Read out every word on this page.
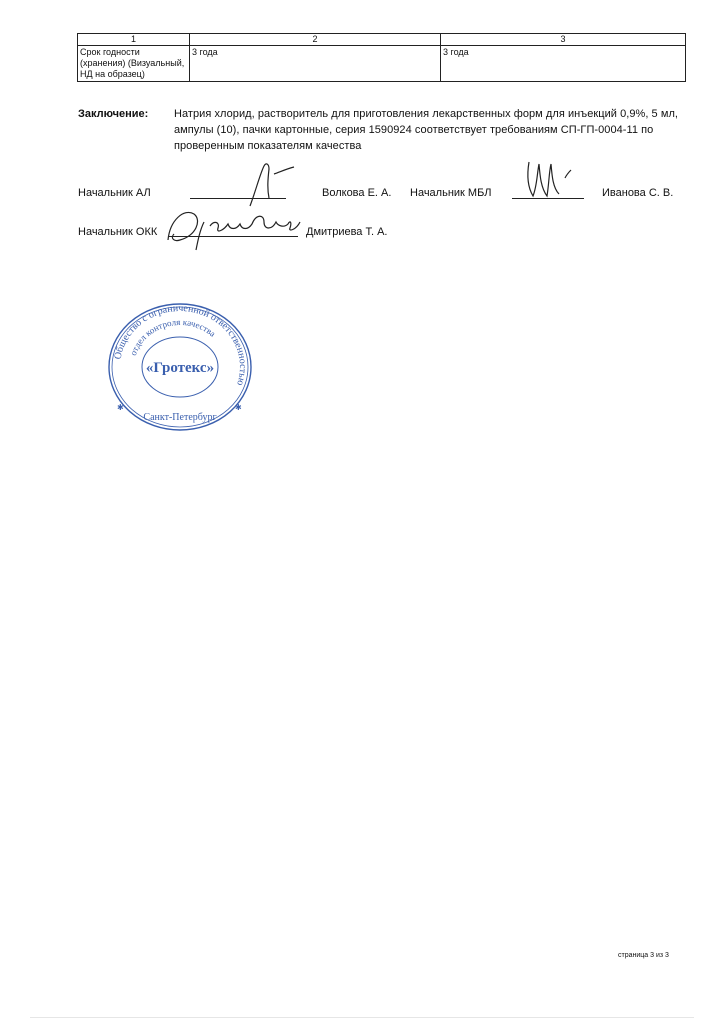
1	2	3
Срок годности (хранения) (Визуальный, НД на образец)	3 года	3 года
Заключение: Натрия хлорид, растворитель для приготовления лекарственных форм для инъекций 0,9%, 5 мл, ампулы (10), пачки картонные, серия 1590924 соответствует требованиям СП-ГП-0004-11 по проверенным показателям качества
Начальник АЛ	Волкова Е. А. Начальник МБЛ	Иванова С. В.
Начальник ОКК	Дмитриева Т. А.
Общество с ограниченной ответственностью
отдел контроля качества
Санкт-Петербург
«Гротекс»
✱	✱
страница 3 из 3
